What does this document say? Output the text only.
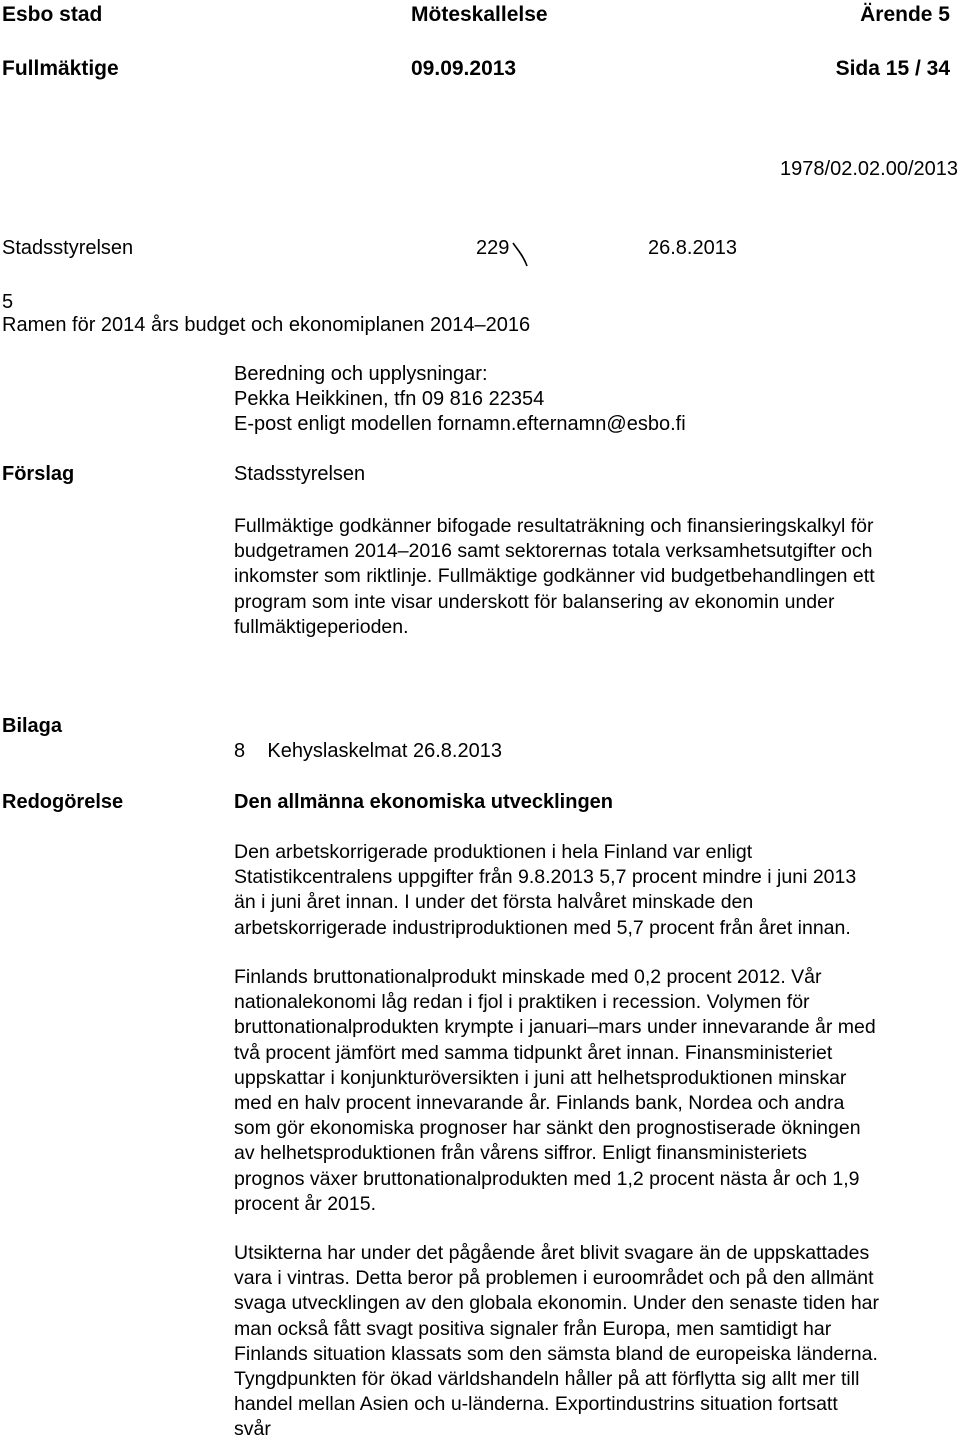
Esbo stad	Möteskallelse	Ärende 5
Fullmäktige	09.09.2013	Sida 15 / 34
1978/02.02.00/2013
Stadsstyrelsen	229	26.8.2013
5
Ramen för 2014 års budget och ekonomiplanen 2014–2016
Beredning och upplysningar:
Pekka Heikkinen, tfn 09 816 22354
E-post enligt modellen fornamn.efternamn@esbo.fi
Förslag	Stadsstyrelsen
Fullmäktige godkänner bifogade resultaträkning och finansieringskalkyl för
budgetramen 2014–2016 samt sektorernas totala verksamhetsutgifter och
inkomster som riktlinje. Fullmäktige godkänner vid budgetbehandlingen ett
program som inte visar underskott för balansering av ekonomin under
fullmäktigeperioden.
Bilaga
8    Kehyslaskelmat 26.8.2013
Redogörelse	Den allmänna ekonomiska utvecklingen
Den arbetskorrigerade produktionen i hela Finland var enligt
Statistikcentralens uppgifter från 9.8.2013 5,7 procent mindre i juni 2013
än i juni året innan. I under det första halvåret minskade den
arbetskorrigerade industriproduktionen med 5,7 procent från året innan.
Finlands bruttonationalprodukt minskade med 0,2 procent 2012. Vår
nationalekonomi låg redan i fjol i praktiken i recession. Volymen för
bruttonationalprodukten krympte i januari–mars under innevarande år med
två procent jämfört med samma tidpunkt året innan. Finansministeriet
uppskattar i konjunkturöversikten i juni att helhetsproduktionen minskar
med en halv procent innevarande år. Finlands bank, Nordea och andra
som gör ekonomiska prognoser har sänkt den prognostiserade ökningen
av helhetsproduktionen från vårens siffror. Enligt finansministeriets
prognos växer bruttonationalprodukten med 1,2 procent nästa år och 1,9
procent år 2015.
Utsikterna har under det pågående året blivit svagare än de uppskattades
vara i vintras. Detta beror på problemen i euroområdet och på den allmänt
svaga utvecklingen av den globala ekonomin. Under den senaste tiden har
man också fått svagt positiva signaler från Europa, men samtidigt har
Finlands situation klassats som den sämsta bland de europeiska länderna.
Tyngdpunkten för ökad världshandeln håller på att förflytta sig allt mer till
handel mellan Asien och u-länderna. Exportindustrins situation fortsatt
svår
